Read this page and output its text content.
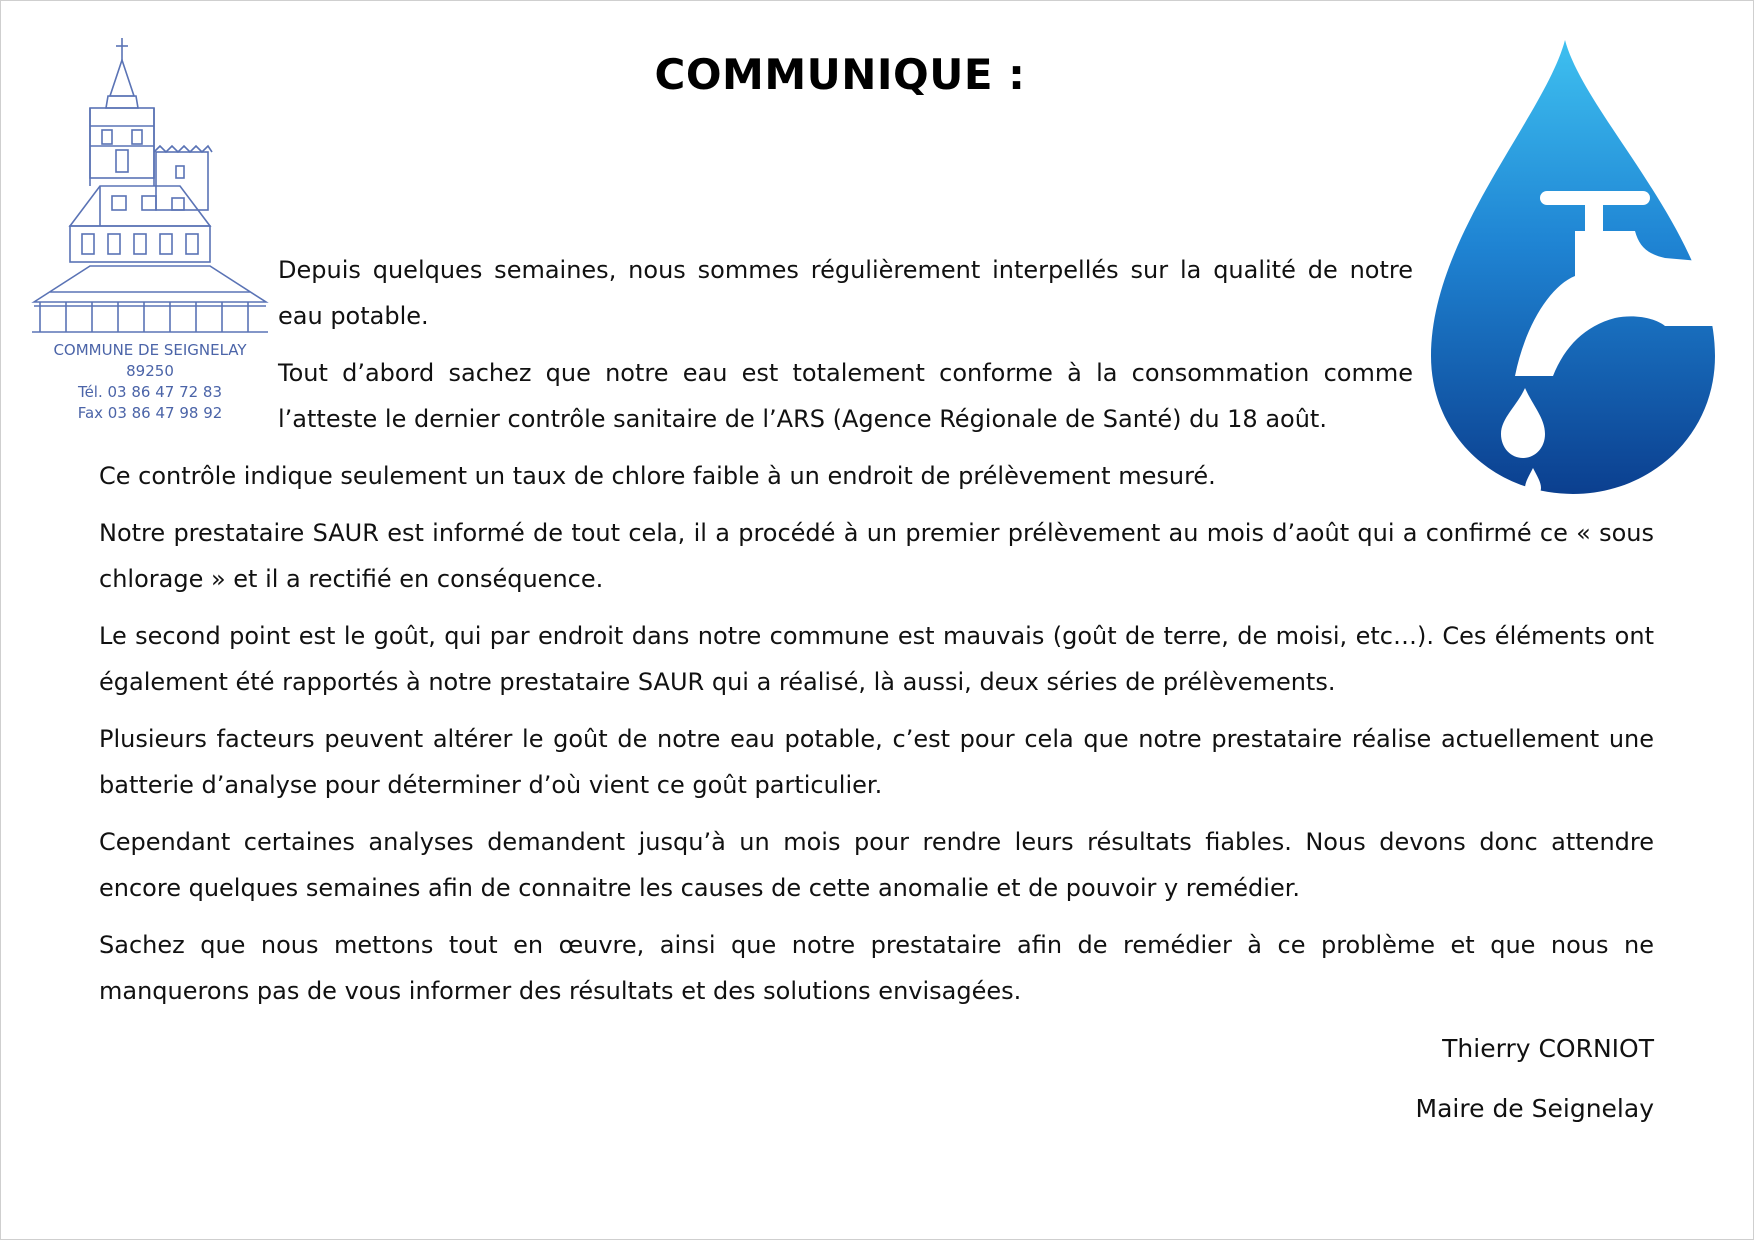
COMMUNE DE SEIGNELAY
89250
Tél. 03 86 47 72 83
Fax 03 86 47 98 92
COMMUNIQUE :

Depuis quelques semaines, nous sommes régulièrement interpellés sur la qualité de notre eau potable.

Tout d’abord sachez que notre eau est totalement conforme à la consommation comme l’atteste le dernier contrôle sanitaire de l’ARS (Agence Régionale de Santé) du 18 août.

Ce contrôle indique seulement un taux de chlore faible à un endroit de prélèvement mesuré.

Notre prestataire SAUR est informé de tout cela, il a procédé à un premier prélèvement au mois d’août qui a confirmé ce « sous chlorage » et il a rectifié en conséquence.

Le second point est le goût, qui par endroit dans notre commune est mauvais (goût de terre, de moisi, etc…). Ces éléments ont également été rapportés à notre prestataire SAUR qui a réalisé, là aussi, deux séries de prélèvements.

Plusieurs facteurs peuvent altérer le goût de notre eau potable, c’est pour cela que notre prestataire réalise actuellement une batterie d’analyse pour déterminer d’où vient ce goût particulier.

Cependant certaines analyses demandent jusqu’à un mois pour rendre leurs résultats fiables. Nous devons donc attendre encore quelques semaines afin de connaitre les causes de cette anomalie et de pouvoir y remédier.

Sachez que nous mettons tout en œuvre, ainsi que notre prestataire afin de remédier à ce problème et que nous ne manquerons pas de vous informer des résultats et des solutions envisagées.

Thierry CORNIOT
Maire de Seignelay
